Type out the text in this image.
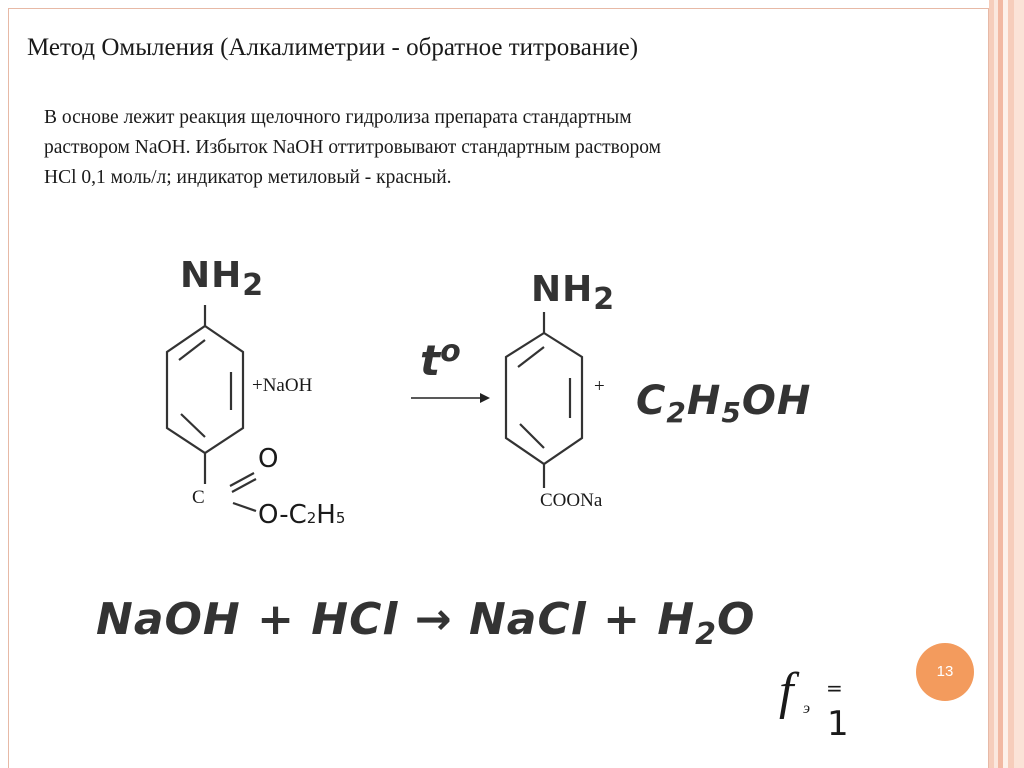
Метод Омыления (Алкалиметрии - обратное титрование)
В основе лежит реакция щелочного гидролиза препарата стандартным
раствором NaOH. Избыток NaOH оттитровывают стандартным раствором
НCl 0,1 моль/л; индикатор метиловый - красный.
$NH_2$
$t^o$
$NH_2$
$C_2H_5OH$
NaOH + HCl → NaCl + $H_2O$
+NaOH
C
O
O-C2H5
+
COONa
13
f э
=
1
